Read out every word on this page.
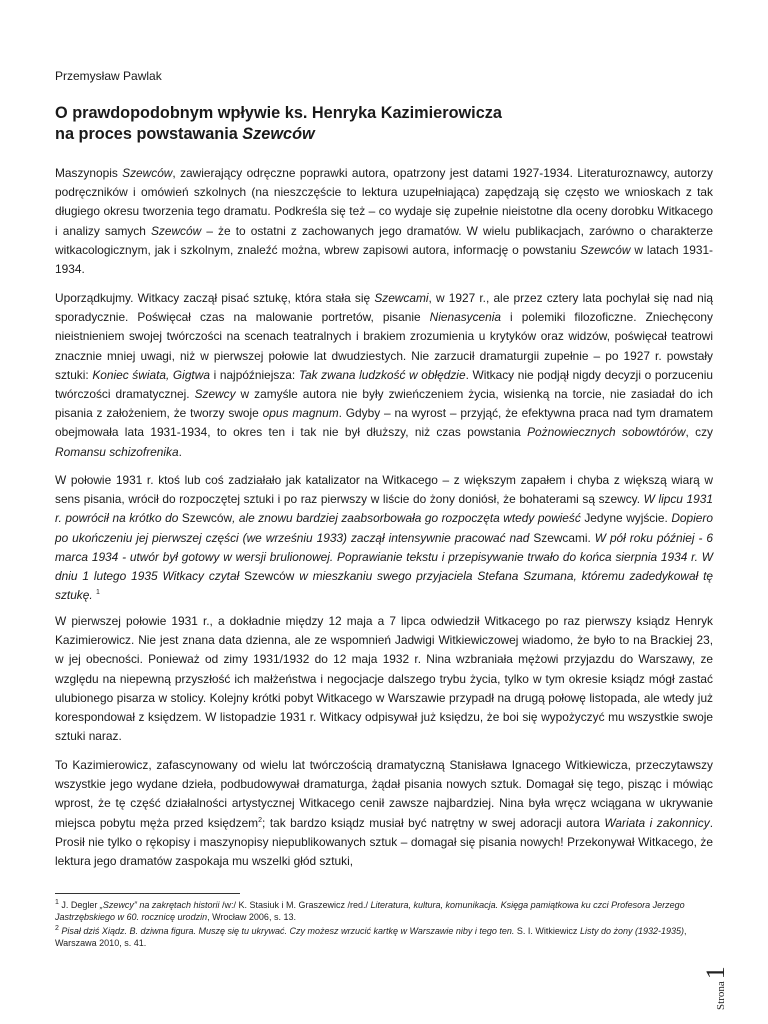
Przemysław Pawlak
O prawdopodobnym wpływie ks. Henryka Kazimierowicza
na proces powstawania Szewców

Maszynopis Szewców, zawierający odręczne poprawki autora, opatrzony jest datami 1927-1934. Literaturoznawcy, autorzy podręczników i omówień szkolnych (na nieszczęście to lektura uzupełniająca) zapędzają się często we wnioskach z tak długiego okresu tworzenia tego dramatu. Podkreśla się też – co wydaje się zupełnie nieistotne dla oceny dorobku Witkacego i analizy samych Szewców – że to ostatni z zachowanych jego dramatów. W wielu publikacjach, zarówno o charakterze witkacologicznym, jak i szkolnym, znaleźć można, wbrew zapisowi autora, informację o powstaniu Szewców w latach 1931-1934.

Uporządkujmy. Witkacy zaczął pisać sztukę, która stała się Szewcami, w 1927 r., ale przez cztery lata pochylał się nad nią sporadycznie. Poświęcał czas na malowanie portretów, pisanie Nienasycenia i polemiki filozoficzne. Zniechęcony nieistnieniem swojej twórczości na scenach teatralnych i brakiem zrozumienia u krytyków oraz widzów, poświęcał teatrowi znacznie mniej uwagi, niż w pierwszej połowie lat dwudziestych. Nie zarzucił dramaturgii zupełnie – po 1927 r. powstały sztuki: Koniec świata, Gigtwa i najpóźniejsza: Tak zwana ludzkość w obłędzie. Witkacy nie podjął nigdy decyzji o porzuceniu twórczości dramatycznej. Szewcy w zamyśle autora nie były zwieńczeniem życia, wisienką na torcie, nie zasiadał do ich pisania z założeniem, że tworzy swoje opus magnum. Gdyby – na wyrost – przyjąć, że efektywna praca nad tym dramatem obejmowała lata 1931-1934, to okres ten i tak nie był dłuższy, niż czas powstania Pożnowiecznych sobowtórów, czy Romansu schizofrenika.

W połowie 1931 r. ktoś lub coś zadziałało jak katalizator na Witkacego – z większym zapałem i chyba z większą wiarą w sens pisania, wrócił do rozpoczętej sztuki i po raz pierwszy w liście do żony doniósł, że bohaterami są szewcy. W lipcu 1931 r. powrócił na krótko do Szewców, ale znowu bardziej zaabsorbowała go rozpoczęta wtedy powieść Jedyne wyjście. Dopiero po ukończeniu jej pierwszej części (we wrześniu 1933) zaczął intensywnie pracować nad Szewcami. W pół roku później - 6 marca 1934 - utwór był gotowy w wersji brulionowej. Poprawianie tekstu i przepisywanie trwało do końca sierpnia 1934 r. W dniu 1 lutego 1935 Witkacy czytał Szewców w mieszkaniu swego przyjaciela Stefana Szumana, któremu zadedykował tę sztukę. $^1$

W pierwszej połowie 1931 r., a dokładnie między 12 maja a 7 lipca odwiedził Witkacego po raz pierwszy ksiądz Henryk Kazimierowicz. Nie jest znana data dzienna, ale ze wspomnień Jadwigi Witkiewiczowej wiadomo, że było to na Brackiej 23, w jej obecności. Ponieważ od zimy 1931/1932 do 12 maja 1932 r. Nina wzbraniała mężowi przyjazdu do Warszawy, ze względu na niepewną przyszłość ich małżeństwa i negocjacje dalszego trybu życia, tylko w tym okresie ksiądz mógł zastać ulubionego pisarza w stolicy. Kolejny krótki pobyt Witkacego w Warszawie przypadł na drugą połowę listopada, ale wtedy już korespondował z księdzem. W listopadzie 1931 r. Witkacy odpisywał już księdzu, że boi się wypożyczyć mu wszystkie swoje sztuki naraz.

To Kazimierowicz, zafascynowany od wielu lat twórczością dramatyczną Stanisława Ignacego Witkiewicza, przeczytawszy wszystkie jego wydane dzieła, podbudowywał dramaturga, żądał pisania nowych sztuk. Domagał się tego, pisząc i mówiąc wprost, że tę część działalności artystycznej Witkacego cenił zawsze najbardziej. Nina była wręcz wciągana w ukrywanie miejsca pobytu męża przed księdzem$^2$; tak bardzo ksiądz musiał być natrętny w swej adoracji autora Wariata i zakonnicy. Prosił nie tylko o rękopisy i maszynopisy niepublikowanych sztuk – domagał się pisania nowych! Przekonywał Witkacego, że lektura jego dramatów zaspokaja mu wszelki głód sztuki,

$^1$ J. Degler „Szewcy” na zakrętach historii /w:/ K. Stasiuk i M. Graszewicz /red./ Literatura, kultura, komunikacja. Księga pamiątkowa ku czci Profesora Jerzego Jastrzębskiego w 60. rocznicę urodzin, Wrocław 2006, s. 13.

$^2$ Pisał dziś Xiądz. B. dziwna figura. Muszę się tu ukrywać. Czy możesz wrzucić kartkę w Warszawie niby i tego ten. S. I. Witkiewicz Listy do żony (1932-1935), Warszawa 2010, s. 41.

Strona1
